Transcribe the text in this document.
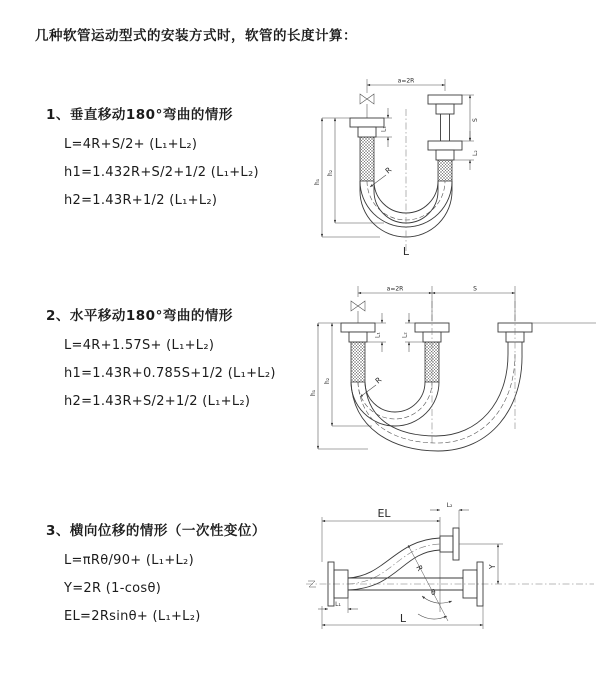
几种软管运动型式的安装方式时，软管的长度计算：

1、垂直移动180°弯曲的情形

L=4R+S/2+ (L₁+L₂)

h1=1.432R+S/2+1/2 (L₁+L₂)

h2=1.43R+1/2 (L₁+L₂)

2、水平移动180°弯曲的情形

L=4R+1.57S+ (L₁+L₂)

h1=1.43R+0.785S+1/2 (L₁+L₂)

h2=1.43R+S/2+1/2 (L₁+L₂)

3、横向位移的情形（一次性变位）

L=πRθ/90+ (L₁+L₂)

Y=2R (1-cosθ)

EL=2Rsinθ+ (L₁+L₂)

a=2R
h₁
h₂
L₁
S
L₂
R
L
a=2R	S
h₁
h₂
L₁	L₂
R
EL
L₂
Y
L
L₁
R
θ
